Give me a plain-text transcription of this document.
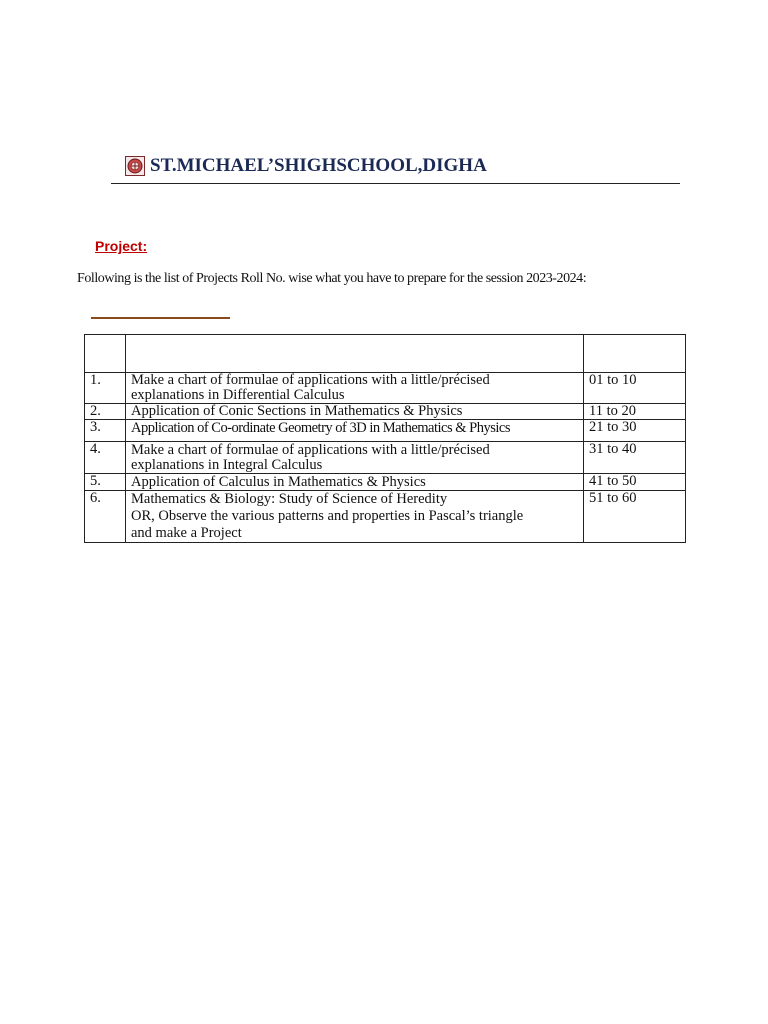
ST.MICHAEL’SHIGHSCHOOL,DIGHA
Project:
Following is the list of Projects Roll No. wise what you have to prepare for the session 2023-2024:

1.	Make a chart of formulae of applications with a little/précised
explanations in Differential Calculus	01 to 10
2.	Application of Conic Sections in Mathematics & Physics	11 to 20
3.	Application of Co-ordinate Geometry of 3D in Mathematics & Physics	21 to 30
4.	Make a chart of formulae of applications with a little/précised
explanations in Integral Calculus	31 to 40
5.	Application of Calculus in Mathematics & Physics	41 to 50
6.	Mathematics & Biology: Study of Science of Heredity
OR, Observe the various patterns and properties in Pascal’s triangle
and make a Project	51 to 60
